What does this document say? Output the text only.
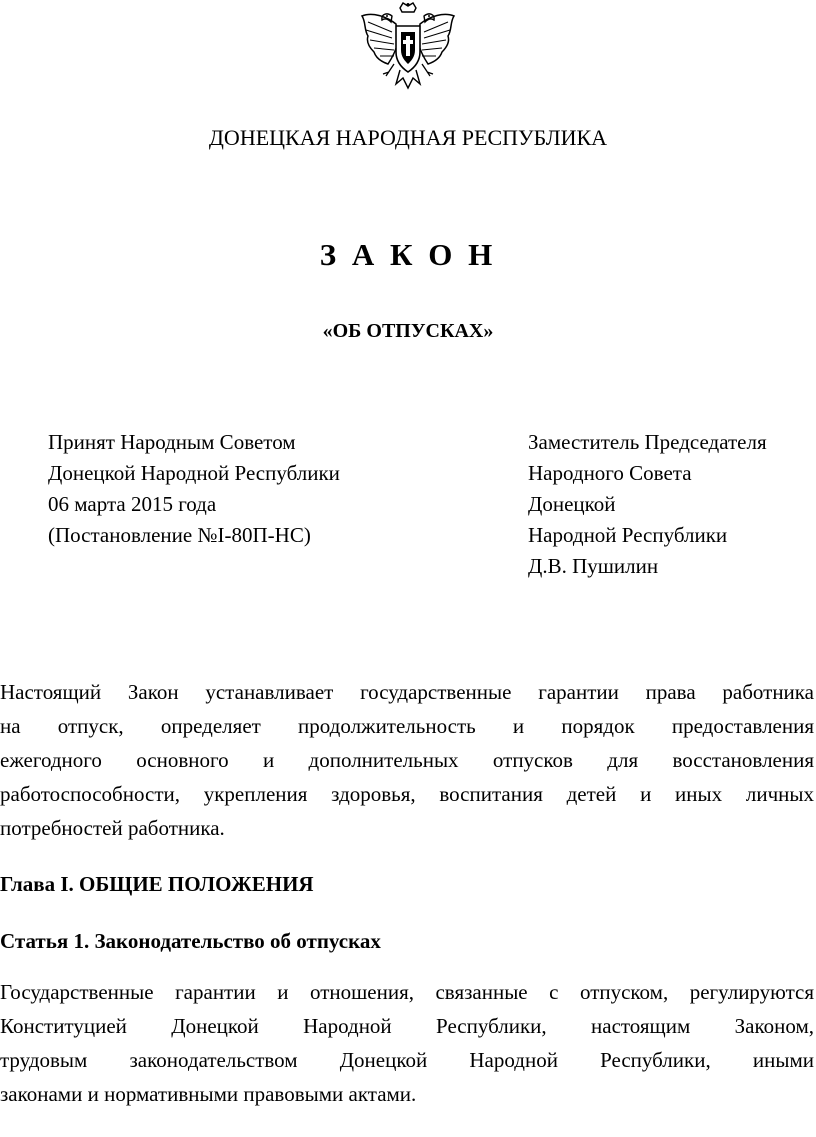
ДОНЕЦКАЯ НАРОДНАЯ РЕСПУБЛИКА
З А К О Н
«ОБ ОТПУСКАХ»
Принят Народным Советом
Донецкой Народной Республики
06 марта 2015 года
(Постановление №I-80П-НС)
Заместитель Председателя
Народного Совета
Донецкой
Народной Республики
Д.В. Пушилин
Настоящий Закон устанавливает государственные гарантии права работника
на отпуск, определяет продолжительность и порядок предоставления
ежегодного основного и дополнительных отпусков для восстановления
работоспособности, укрепления здоровья, воспитания детей и иных личных
потребностей работника.
Глава I. ОБЩИЕ ПОЛОЖЕНИЯ
Статья 1. Законодательство об отпусках
Государственные гарантии и отношения, связанные с отпуском, регулируются
Конституцией Донецкой Народной Республики, настоящим Законом,
трудовым законодательством Донецкой Народной Республики, иными
законами и нормативными правовыми актами.
